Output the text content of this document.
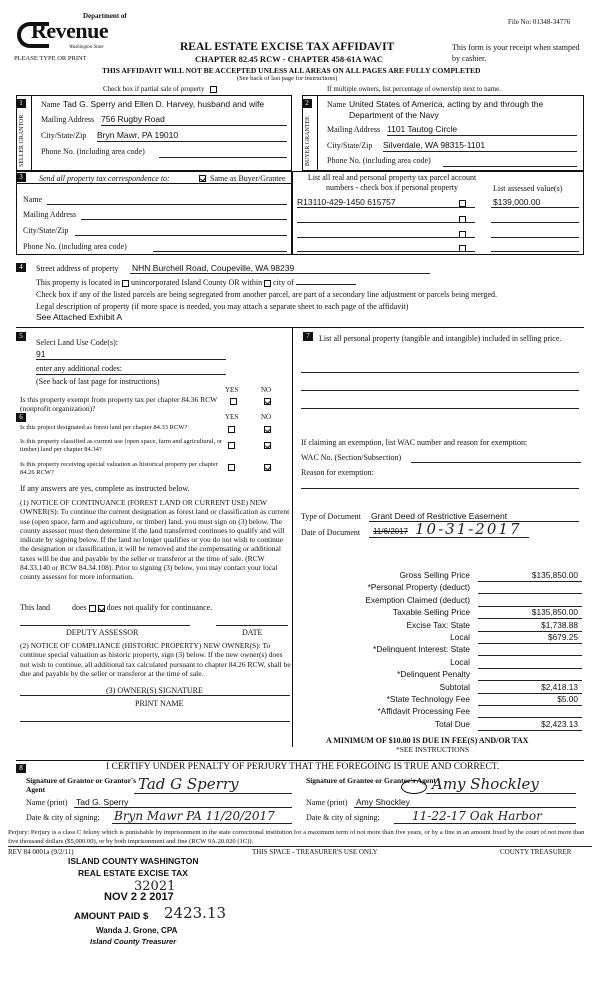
Department of
Revenue
Washington State
PLEASE TYPE OR PRINT
File No: 01348-34776
REAL ESTATE EXCISE TAX AFFIDAVIT
CHAPTER 82.45 RCW - CHAPTER 458-61A WAC
This form is your receipt when stamped by cashier.
THIS AFFIDAVIT WILL NOT BE ACCEPTED UNLESS ALL AREAS ON ALL PAGES ARE FULLY COMPLETED
(See back of last page for instructions)
Check box if partial sale of property	If multiple owners, list percentage of ownership next to name.
1
SELLER GRANTOR
Name Tad G. Sperry and Ellen D. Harvey, husband and wife
Mailing Address 756 Rugby Road
City/State/Zip Bryn Mawr, PA 19010
Phone No. (including area code)
2
BUYER GRANTEE
Name United States of America, acting by and through the Department of the Navy
Mailing Address 1101 Tautog Circle
City/State/Zip Silverdale, WA 98315-1101
Phone No. (including area code)
3	Send all property tax correspondence to:	Same as Buyer/Grantee
Name
Mailing Address
City/State/Zip
Phone No. (including area code)
List all real and personal property tax parcel account numbers - check box if personal property	List assessed value(s)
R13110-429-1450 615757	$139,000.00
4	Street address of property NHN Burchell Road, Coupeville, WA 98239
This property is located in unincorporated Island County OR within city of
Check box if any of the listed parcels are being segregated from another parcel, are part of a secondary line adjustment or parcels being merged.
Legal description of property (if more space is needed, you may attach a separate sheet to each page of the affidavit)
See Attached Exhibit A
5
Select Land Use Code(s):
91
enter any additional codes:
(See back of last page for instructions)
YES	NO
Is this property exempt from property tax per chapter 84.36 RCW (nonprofit organization)?
6	YES	NO
Is this project designated as forest land per chapter 84.33 RCW?
Is this property classified as current use (open space, farm and agricultural, or timber) land per chapter 84.34?
Is this property receiving special valuation as historical property per chapter 84.26 RCW?
If any answers are yes, complete as instructed below.
(1) NOTICE OF CONTINUANCE (FOREST LAND OR CURRENT USE) NEW OWNER(S): To continue the current designation as forest land or classification as current use (open space, farm and agriculture, or timber) land, you must sign on (3) below. The county assessor must then determine if the land transferred continues to qualify and will indicate by signing below. If the land no longer qualifies or you do not wish to continue the designation or classification, it will be removed and the compensating or additional taxes will be due and payable by the seller or transferor at the time of sale. (RCW 84.33.140 or RCW 84.34.108). Prior to signing (3) below, you may contact your local county assessor for more information.
This land	does	does not qualify for continuance.
DEPUTY ASSESSOR	DATE
(2) NOTICE OF COMPLIANCE (HISTORIC PROPERTY) NEW OWNER(S): To continue special valuation as historic property, sign (3) below. If the new owner(s) does not wish to continue, all additional tax calculated pursuant to chapter 84.26 RCW, shall be due and payable by the seller or transferor at the time of sale.
(3) OWNER(S) SIGNATURE
PRINT NAME
7	List all personal property (tangible and intangible) included in selling price.
If claiming an exemption, list WAC number and reason for exemption:
WAC No. (Section/Subsection)
Reason for exemption:
Type of Document Grant Deed of Restrictive Easement
Date of Document 11/6/2017 10-31-2017
Gross Selling Price	$135,850.00
*Personal Property (deduct)
Exemption Claimed (deduct)
Taxable Selling Price	$135,850.00
Excise Tax: State	$1,738.88
Local	$679.25
*Delinquent Interest: State
Local
*Delinquent Penalty
Subtotal	$2,418.13
*State Technology Fee	$5.00
*Affidavit Processing Fee
Total Due	$2,423.13
A MINIMUM OF $10.00 IS DUE IN FEE(S) AND/OR TAX
*SEE INSTRUCTIONS
8	I CERTIFY UNDER PENALTY OF PERJURY THAT THE FOREGOING IS TRUE AND CORRECT.
Signature of Grantor or Grantor's Agent	Tad G Sperry	Signature of Grantee or Grantee's Agent
Amy Shockley
Name (print) Tad G. Sperry	Name (print) Amy Shockley
Date & city of signing: Bryn Mawr PA 11/20/2017	Date & city of signing:	11-22-17 Oak Harbor
Perjury: Perjury is a class C felony which is punishable by imprisonment in the state correctional institution for a maximum term of not more than five years, or by a fine in an amount fixed by the court of not more than five thousand dollars ($5,000.00), or by both imprisonment and fine (RCW 9A.20.020 (1C)).
REV 84 0001a (9/2/11)	THIS SPACE - TREASURER'S USE ONLY	COUNTY TREASURER
ISLAND COUNTY WASHINGTON
REAL ESTATE EXCISE TAX
32021
NOV 2 2 2017
AMOUNT PAID $ 2423.13
Wanda J. Grone, CPA
Island County Treasurer
